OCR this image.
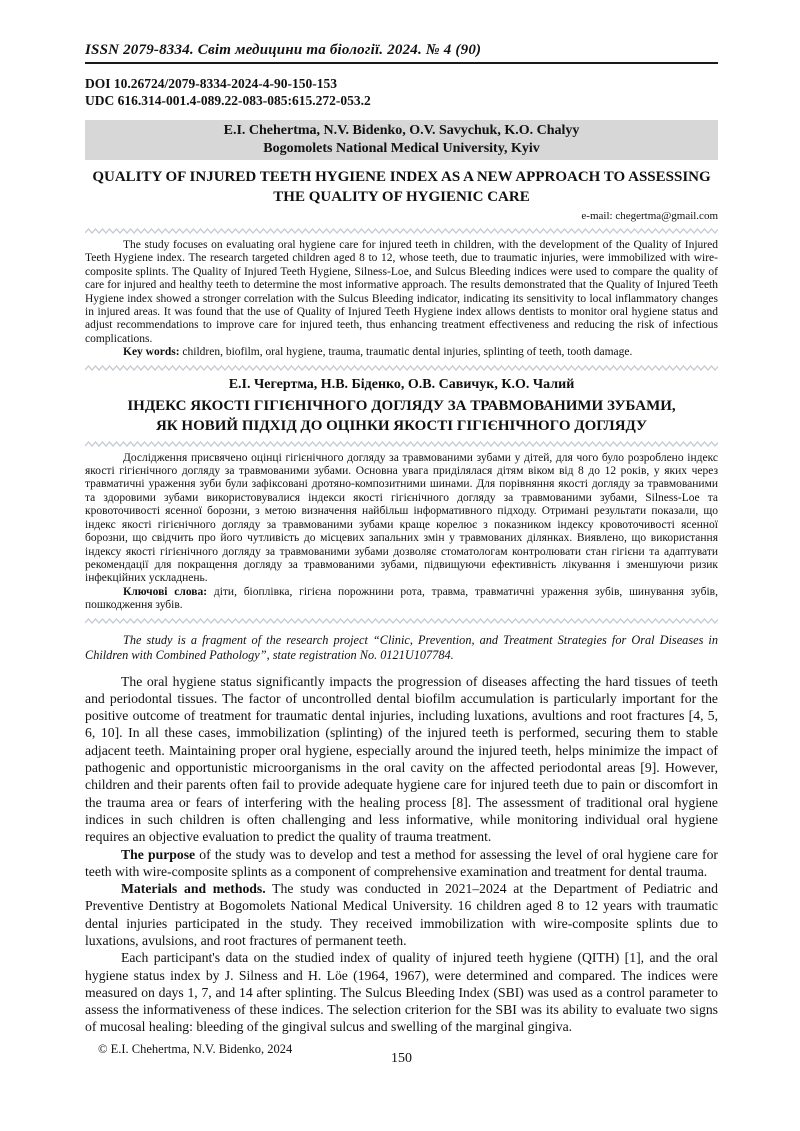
ISSN 2079-8334. Світ медицини та біології. 2024. № 4 (90)
DOI 10.26724/2079-8334-2024-4-90-150-153
UDC 616.314-001.4-089.22-083-085:615.272-053.2
E.I. Chehertma, N.V. Bidenko, O.V. Savychuk, K.O. Chalyy
Bogomolets National Medical University, Kyiv
QUALITY OF INJURED TEETH HYGIENE INDEX AS A NEW APPROACH TO ASSESSING
THE QUALITY OF HYGIENIC CARE
e-mail: chegertma@gmail.com

The study focuses on evaluating oral hygiene care for injured teeth in children, with the development of the Quality of Injured Teeth Hygiene index. The research targeted children aged 8 to 12, whose teeth, due to traumatic injuries, were immobilized with wire-composite splints. The Quality of Injured Teeth Hygiene, Silness-Loe, and Sulcus Bleeding indices were used to compare the quality of care for injured and healthy teeth to determine the most informative approach. The results demonstrated that the Quality of Injured Teeth Hygiene index showed a stronger correlation with the Sulcus Bleeding indicator, indicating its sensitivity to local inflammatory changes in injured areas. It was found that the use of Quality of Injured Teeth Hygiene index allows dentists to monitor oral hygiene status and adjust recommendations to improve care for injured teeth, thus enhancing treatment effectiveness and reducing the risk of infectious complications.

Key words: children, biofilm, oral hygiene, trauma, traumatic dental injuries, splinting of teeth, tooth damage.

Е.І. Чегертма, Н.В. Біденко, О.В. Савичук, К.О. Чалий
ІНДЕКС ЯКОСТІ ГІГІЄНІЧНОГО ДОГЛЯДУ ЗА ТРАВМОВАНИМИ ЗУБАМИ,
ЯК НОВИЙ ПІДХІД ДО ОЦІНКИ ЯКОСТІ ГІГІЄНІЧНОГО ДОГЛЯДУ

Дослідження присвячено оцінці гігієнічного догляду за травмованими зубами у дітей, для чого було розроблено індекс якості гігієнічного догляду за травмованими зубами. Основна увага приділялася дітям віком від 8 до 12 років, у яких через травматичні ураження зуби були зафіксовані дротяно-композитними шинами. Для порівняння якості догляду за травмованими та здоровими зубами використовувалися індекси якості гігієнічного догляду за травмованими зубами, Silness-Loe та кровоточивості ясенної борозни, з метою визначення найбільш інформативного підходу. Отримані результати показали, що індекс якості гігієнічного догляду за травмованими зубами краще корелює з показником індексу кровоточивості ясенної борозни, що свідчить про його чутливість до місцевих запальних змін у травмованих ділянках. Виявлено, що використання індексу якості гігієнічного догляду за травмованими зубами дозволяє стоматологам контролювати стан гігієни та адаптувати рекомендації для покращення догляду за травмованими зубами, підвищуючи ефективність лікування і зменшуючи ризик інфекційних ускладнень.

Ключові слова: діти, біоплівка, гігієна порожнини рота, травма, травматичні ураження зубів, шинування зубів, пошкодження зубів.

The study is a fragment of the research project “Clinic, Prevention, and Treatment Strategies for Oral Diseases in Children with Combined Pathology”, state registration No. 0121U107784.

The oral hygiene status significantly impacts the progression of diseases affecting the hard tissues of teeth and periodontal tissues. The factor of uncontrolled dental biofilm accumulation is particularly important for the positive outcome of treatment for traumatic dental injuries, including luxations, avultions and root fractures [4, 5, 6, 10]. In all these cases, immobilization (splinting) of the injured teeth is performed, securing them to stable adjacent teeth. Maintaining proper oral hygiene, especially around the injured teeth, helps minimize the impact of pathogenic and opportunistic microorganisms in the oral cavity on the affected periodontal areas [9]. However, children and their parents often fail to provide adequate hygiene care for injured teeth due to pain or discomfort in the trauma area or fears of interfering with the healing process [8]. The assessment of traditional oral hygiene indices in such children is often challenging and less informative, while monitoring individual oral hygiene requires an objective evaluation to predict the quality of trauma treatment.

The purpose of the study was to develop and test a method for assessing the level of oral hygiene care for teeth with wire-composite splints as a component of comprehensive examination and treatment for dental trauma.

Materials and methods. The study was conducted in 2021–2024 at the Department of Pediatric and Preventive Dentistry at Bogomolets National Medical University. 16 children aged 8 to 12 years with traumatic dental injuries participated in the study. They received immobilization with wire-composite splints due to luxations, avulsions, and root fractures of permanent teeth.

Each participant's data on the studied index of quality of injured teeth hygiene (QITH) [1], and the oral hygiene status index by J. Silness and H. Löe (1964, 1967), were determined and compared. The indices were measured on days 1, 7, and 14 after splinting. The Sulcus Bleeding Index (SBI) was used as a control parameter to assess the informativeness of these indices. The selection criterion for the SBI was its ability to evaluate two signs of mucosal healing: bleeding of the gingival sulcus and swelling of the marginal gingiva.

© E.I. Chehertma, N.V. Bidenko, 2024
150
